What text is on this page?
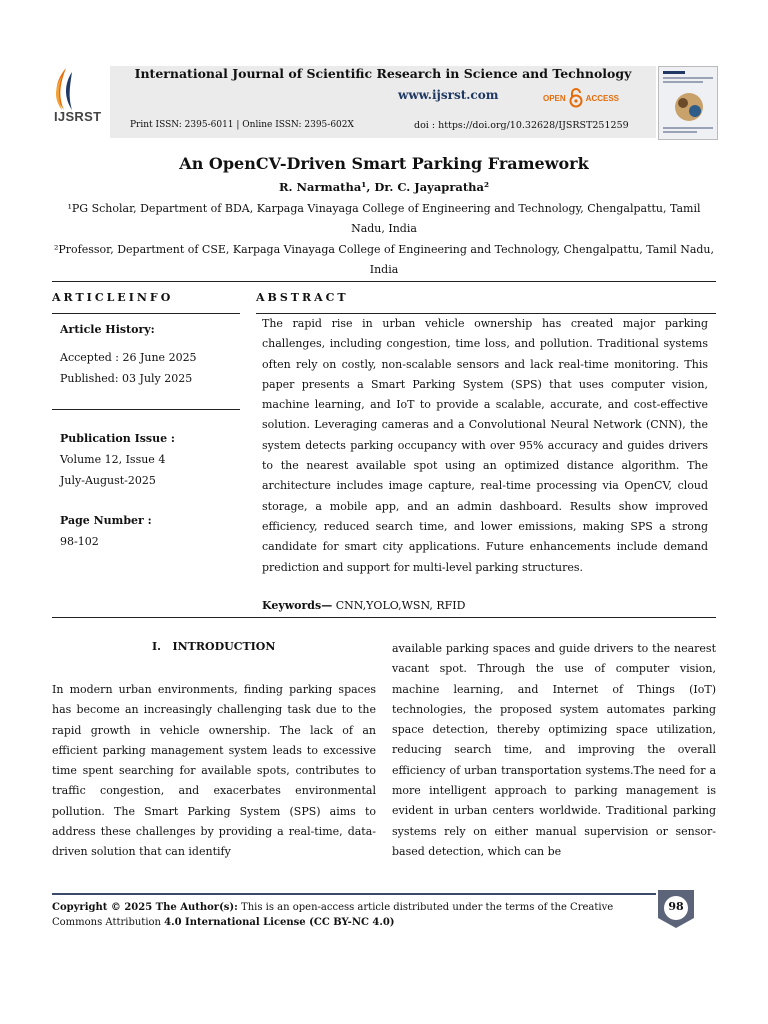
IJSRST
International Journal of Scientific Research in Science and Technology
www.ijsrst.com	OPEN	ACCESS
Print ISSN: 2395-6011 | Online ISSN: 2395-602X	doi : https://doi.org/10.32628/IJSRST251259
An OpenCV-Driven Smart Parking Framework
R. Narmatha¹, Dr. C. Jayapratha²
¹PG Scholar, Department of BDA, Karpaga Vinayaga College of Engineering and Technology, Chengalpattu, Tamil Nadu, India
²Professor, Department of CSE, Karpaga Vinayaga College of Engineering and Technology, Chengalpattu, Tamil Nadu, India
ARTICLEINFO	ABSTRACT
Article History:
Accepted : 26 June 2025
Published: 03 July 2025
Publication Issue :
Volume 12, Issue 4
July-August-2025
Page Number :
98-102
The rapid rise in urban vehicle ownership has created major parking challenges, including congestion, time loss, and pollution. Traditional systems often rely on costly, non-scalable sensors and lack real-time monitoring. This paper presents a Smart Parking System (SPS) that uses computer vision, machine learning, and IoT to provide a scalable, accurate, and cost-effective solution. Leveraging cameras and a Convolutional Neural Network (CNN), the system detects parking occupancy with over 95% accuracy and guides drivers to the nearest available spot using an optimized distance algorithm. The architecture includes image capture, real-time processing via OpenCV, cloud storage, a mobile app, and an admin dashboard. Results show improved efficiency, reduced search time, and lower emissions, making SPS a strong candidate for smart city applications. Future enhancements include demand prediction and support for multi-level parking structures.
Keywords— CNN,YOLO,WSN, RFID
I.   INTRODUCTION
In modern urban environments, finding parking spaces has become an increasingly challenging task due to the rapid growth in vehicle ownership. The lack of an efficient parking management system leads to excessive time spent searching for available spots, contributes to traffic congestion, and exacerbates environmental pollution. The Smart Parking System (SPS) aims to address these challenges by providing a real-time, data-driven solution that can identify
available parking spaces and guide drivers to the nearest vacant spot. Through the use of computer vision, machine learning, and Internet of Things (IoT) technologies, the proposed system automates parking space detection, thereby optimizing space utilization, reducing search time, and improving the overall efficiency of urban transportation systems.The need for a more intelligent approach to parking management is evident in urban centers worldwide. Traditional parking systems rely on either manual supervision or sensor-based detection, which can be
Copyright © 2025 The Author(s): This is an open-access article distributed under the terms of the Creative Commons Attribution 4.0 International License (CC BY-NC 4.0)
98
